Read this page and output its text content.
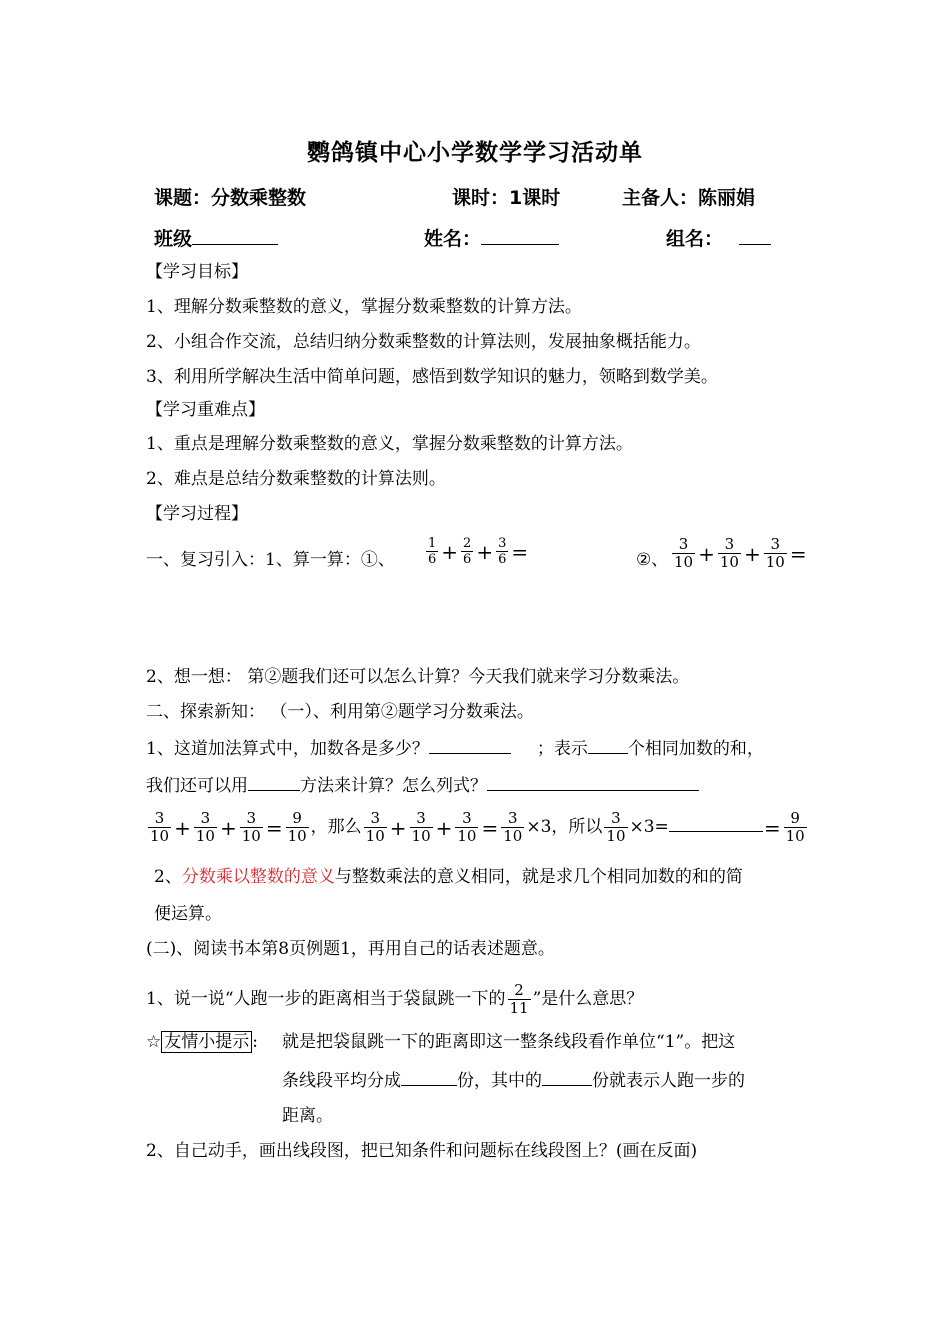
鹦鸽镇中心小学数学学习活动单
课题：分数乘整数	课时：1课时	主备人：陈丽娟
班级	姓名：	组名：
【学习目标】
1、理解分数乘整数的意义，掌握分数乘整数的计算方法。
2、小组合作交流，总结归纳分数乘整数的计算法则，发展抽象概括能力。
3、利用所学解决生活中简单问题，感悟到数学知识的魅力，领略到数学美。
【学习重难点】
1、重点是理解分数乘整数的意义，掌握分数乘整数的计算方法。
2、难点是总结分数乘整数的计算法则。
【学习过程】
一、复习引入：1、算一算：①、 $\frac{1}{6} + \frac{2}{6} + \frac{3}{6}$ =	②、 $\frac{3}{10} + \frac{3}{10} + \frac{3}{10}$ =
2、想一想： 第②题我们还可以怎么计算？今天我们就来学习分数乘法。
二、探索新知： （一）、利用第②题学习分数乘法。
1、这道加法算式中，加数各是多少？	；表示 个相同加数的和，
我们还可以用	方法来计算？怎么列式？
$\frac{3}{10} + \frac{3}{10} + \frac{3}{10} = \frac{9}{10}$ ，那么 $\frac{3}{10} + \frac{3}{10} + \frac{3}{10} = \frac{3}{10} \times 3$，所以 $\frac{3}{10} \times 3=$	= $\frac{9}{10}$
2、分数乘以整数的意义与整数乘法的意义相同，就是求几个相同加数的和的简
便运算。
(二)、阅读书本第8页例题1，再用自己的话表述题意。
1、说一说“人跑一步的距离相当于袋鼠跳一下的 $\frac{2}{11}$ ”是什么意思？
☆ 友情小提示 : 就是把袋鼠跳一下的距离即这一整条线段看作单位“1”。把这
条线段平均分成	份，其中的	份就表示人跑一步的
距离。
2、自己动手，画出线段图，把已知条件和问题标在线段图上？(画在反面)
